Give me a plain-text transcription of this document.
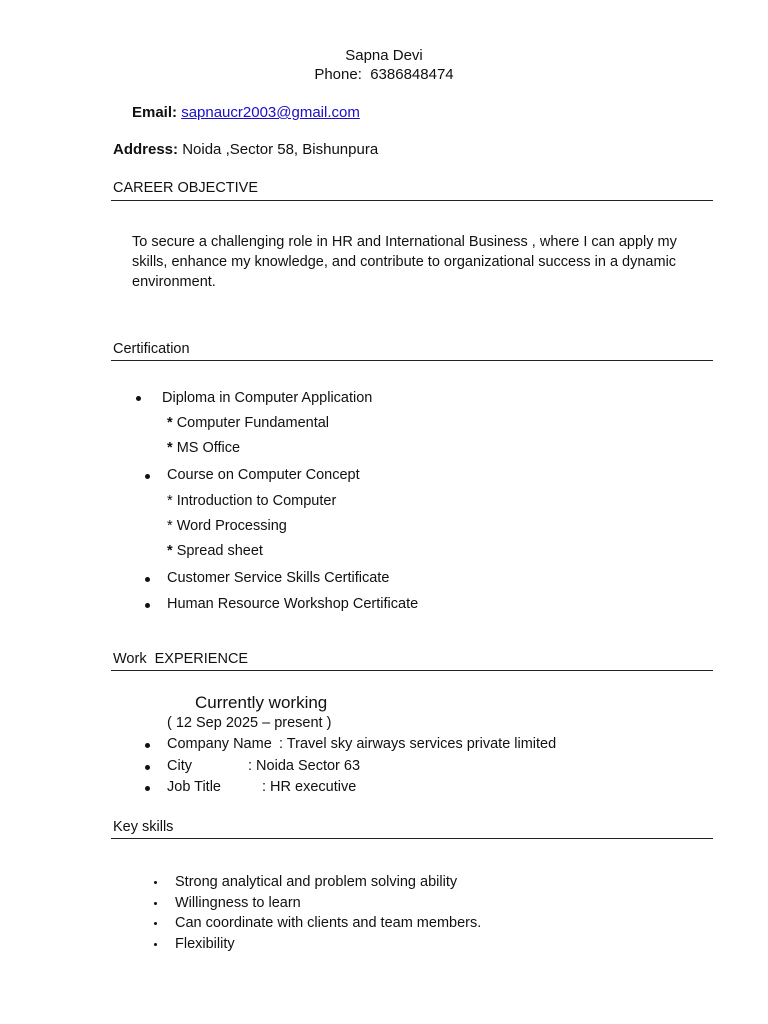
Sapna Devi
Phone: 6386848474
Email: sapnaucr2003@gmail.com
Address: Noida ,Sector 58, Bishunpura
CAREER OBJECTIVE
To secure a challenging role in HR and International Business , where I can apply my skills, enhance my knowledge, and contribute to organizational success in a dynamic environment.
Certification
Diploma in Computer Application
* Computer Fundamental
* MS Office
Course on Computer Concept
* Introduction to Computer
* Word Processing
* Spread sheet
Customer Service Skills Certificate
Human Resource Workshop Certificate
Work  EXPERIENCE
Currently working
( 12 Sep 2025 – present )
Company Name : Travel sky airways services private limited
City	: Noida Sector 63
Job Title	: HR executive
Key skills
Strong analytical and problem solving ability
Willingness to learn
Can coordinate with clients and team members.
Flexibility
